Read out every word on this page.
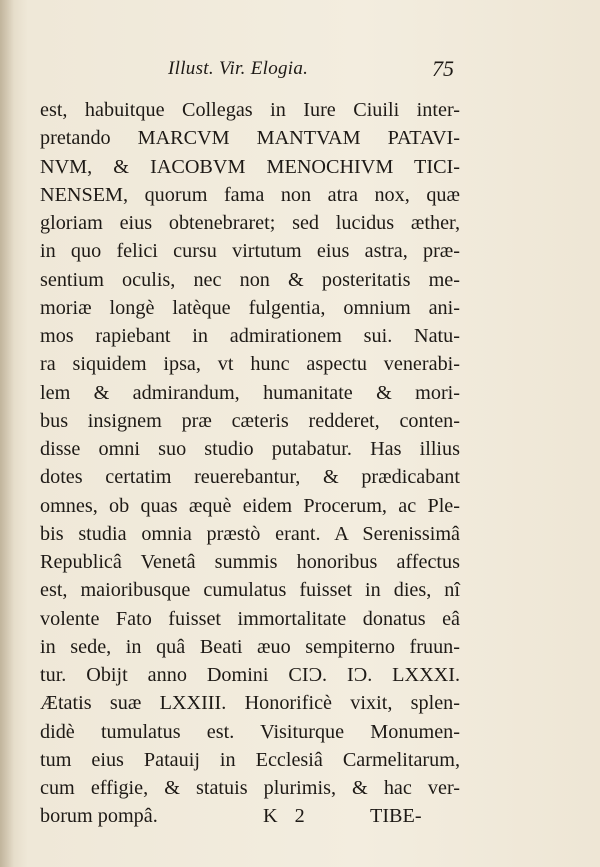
Illust. Vir. Elogia.	75
est, habuitque Collegas in Iure Ciuili inter-
pretando MARCVM MANTVAM PATAVI-
NVM, & IACOBVM MENOCHIVM TICI-
NENSEM, quorum fama non atra nox, quæ
gloriam eius obtenebraret; sed lucidus æther,
in quo felici cursu virtutum eius astra, præ-
sentium oculis, nec non & posteritatis me-
moriæ longè latèque fulgentia, omnium ani-
mos rapiebant in admirationem sui. Natu-
ra siquidem ipsa, vt hunc aspectu venerabi-
lem & admirandum, humanitate & mori-
bus insignem præ cæteris redderet, conten-
disse omni suo studio putabatur. Has illius
dotes certatim reuerebantur, & prædicabant
omnes, ob quas æquè eidem Procerum, ac Ple-
bis studia omnia præstò erant. A Serenissimâ
Republicâ Venetâ summis honoribus affectus
est, maioribusque cumulatus fuisset in dies, nî
volente Fato fuisset immortalitate donatus eâ
in sede, in quâ Beati æuo sempiterno fruun-
tur. Obijt anno Domini CIƆ. IƆ. LXXXI.
Ætatis suæ LXXIII. Honorificè vixit, splen-
didè tumulatus est. Visiturque Monumen-
tum eius Patauij in Ecclesiâ Carmelitarum,
cum effigie, & statuis plurimis, & hac ver-
borum pompâ.	K 2	TIBE-
